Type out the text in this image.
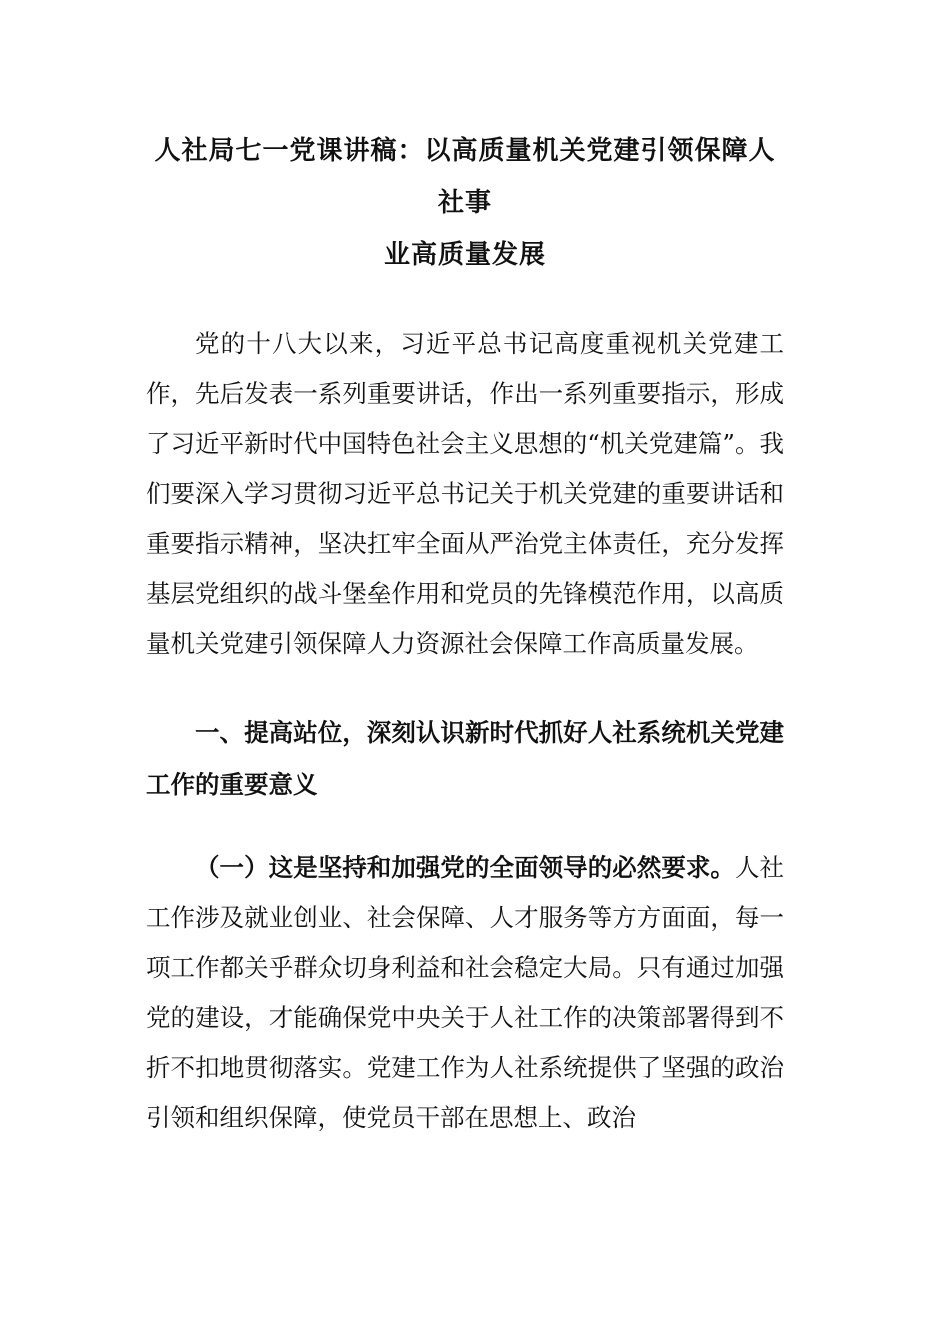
人社局七一党课讲稿：以高质量机关党建引领保障人社事
业高质量发展

党的十八大以来，习近平总书记高度重视机关党建工作，先后发表一系列重要讲话，作出一系列重要指示，形成了习近平新时代中国特色社会主义思想的“机关党建篇”。我们要深入学习贯彻习近平总书记关于机关党建的重要讲话和重要指示精神，坚决扛牢全面从严治党主体责任，充分发挥基层党组织的战斗堡垒作用和党员的先锋模范作用，以高质量机关党建引领保障人力资源社会保障工作高质量发展。

一、提高站位，深刻认识新时代抓好人社系统机关党建工作的重要意义

（一）这是坚持和加强党的全面领导的必然要求。人社工作涉及就业创业、社会保障、人才服务等方方面面，每一项工作都关乎群众切身利益和社会稳定大局。只有通过加强党的建设，才能确保党中央关于人社工作的决策部署得到不折不扣地贯彻落实。党建工作为人社系统提供了坚强的政治引领和组织保障，使党员干部在思想上、政治
